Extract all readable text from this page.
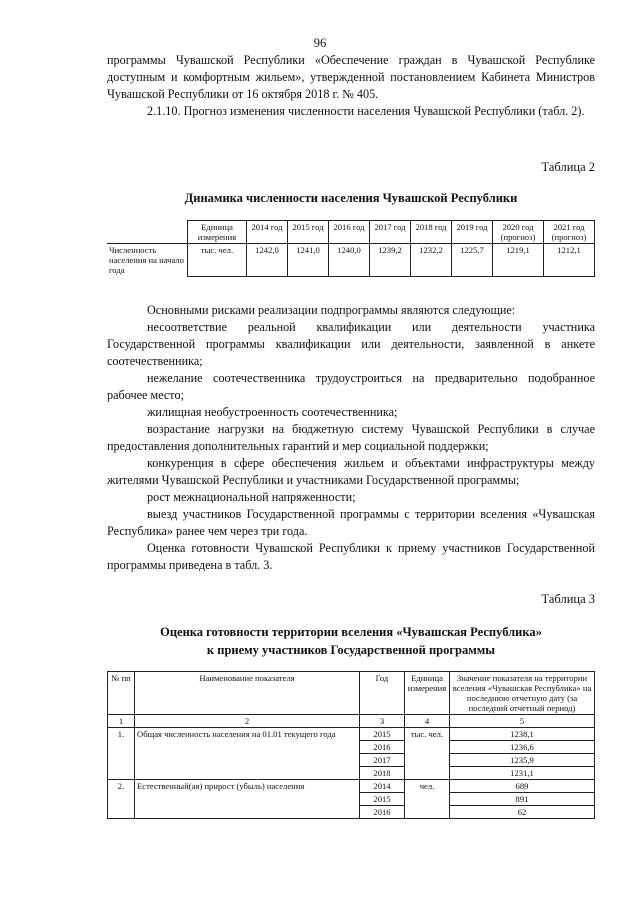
96
программы Чувашской Республики «Обеспечение граждан в Чувашской Республике доступным и комфортным жильем», утвержденной постановлением Кабинета Министров Чувашской Республики от 16 октября 2018 г. № 405.
2.1.10. Прогноз изменения численности населения Чувашской Республики (табл. 2).
Таблица 2
Динамика численности населения Чувашской Республики
	Единица измерения	2014 год	2015 год	2016 год	2017 год	2018 год	2019 год	2020 год (прогноз)	2021 год (прогноз)
Численность населения на начало года	тыс. чел.	1242,0	1241,0	1240,0	1239,2	1232,2	1225,7	1219,1	1212,1
Основными рисками реализации подпрограммы являются следующие:
несоответствие реальной квалификации или деятельности участника Государственной программы квалификации или деятельности, заявленной в анкете соотечественника;
нежелание соотечественника трудоустроиться на предварительно подобранное рабочее место;
жилищная необустроенность соотечественника;
возрастание нагрузки на бюджетную систему Чувашской Республики в случае предоставления дополнительных гарантий и мер социальной поддержки;
конкуренция в сфере обеспечения жильем и объектами инфраструктуры между жителями Чувашской Республики и участниками Государственной программы;
рост межнациональной напряженности;
выезд участников Государственной программы с территории вселения «Чувашская Республика» ранее чем через три года.
Оценка готовности Чувашской Республики к приему участников Государственной программы приведена в табл. 3.
Таблица 3
Оценка готовности территории вселения «Чувашская Республика»
к приему участников Государственной программы
№ пп	Наименование показателя	Год	Единица измерения	Значение показателя на территории вселения «Чувашская Республика» на последнюю отчетную дату (за последний отчетный период)
1	2	3	4	5
1.	Общая численность населения на 01.01 текущего года	2015	тыс. чел.	1238,1
		2016		1236,6
		2017		1235,9
		2018		1231,1
2.	Естественный(ая) прирост (убыль) населения	2014	чел.	689
		2015		891
		2016		62
